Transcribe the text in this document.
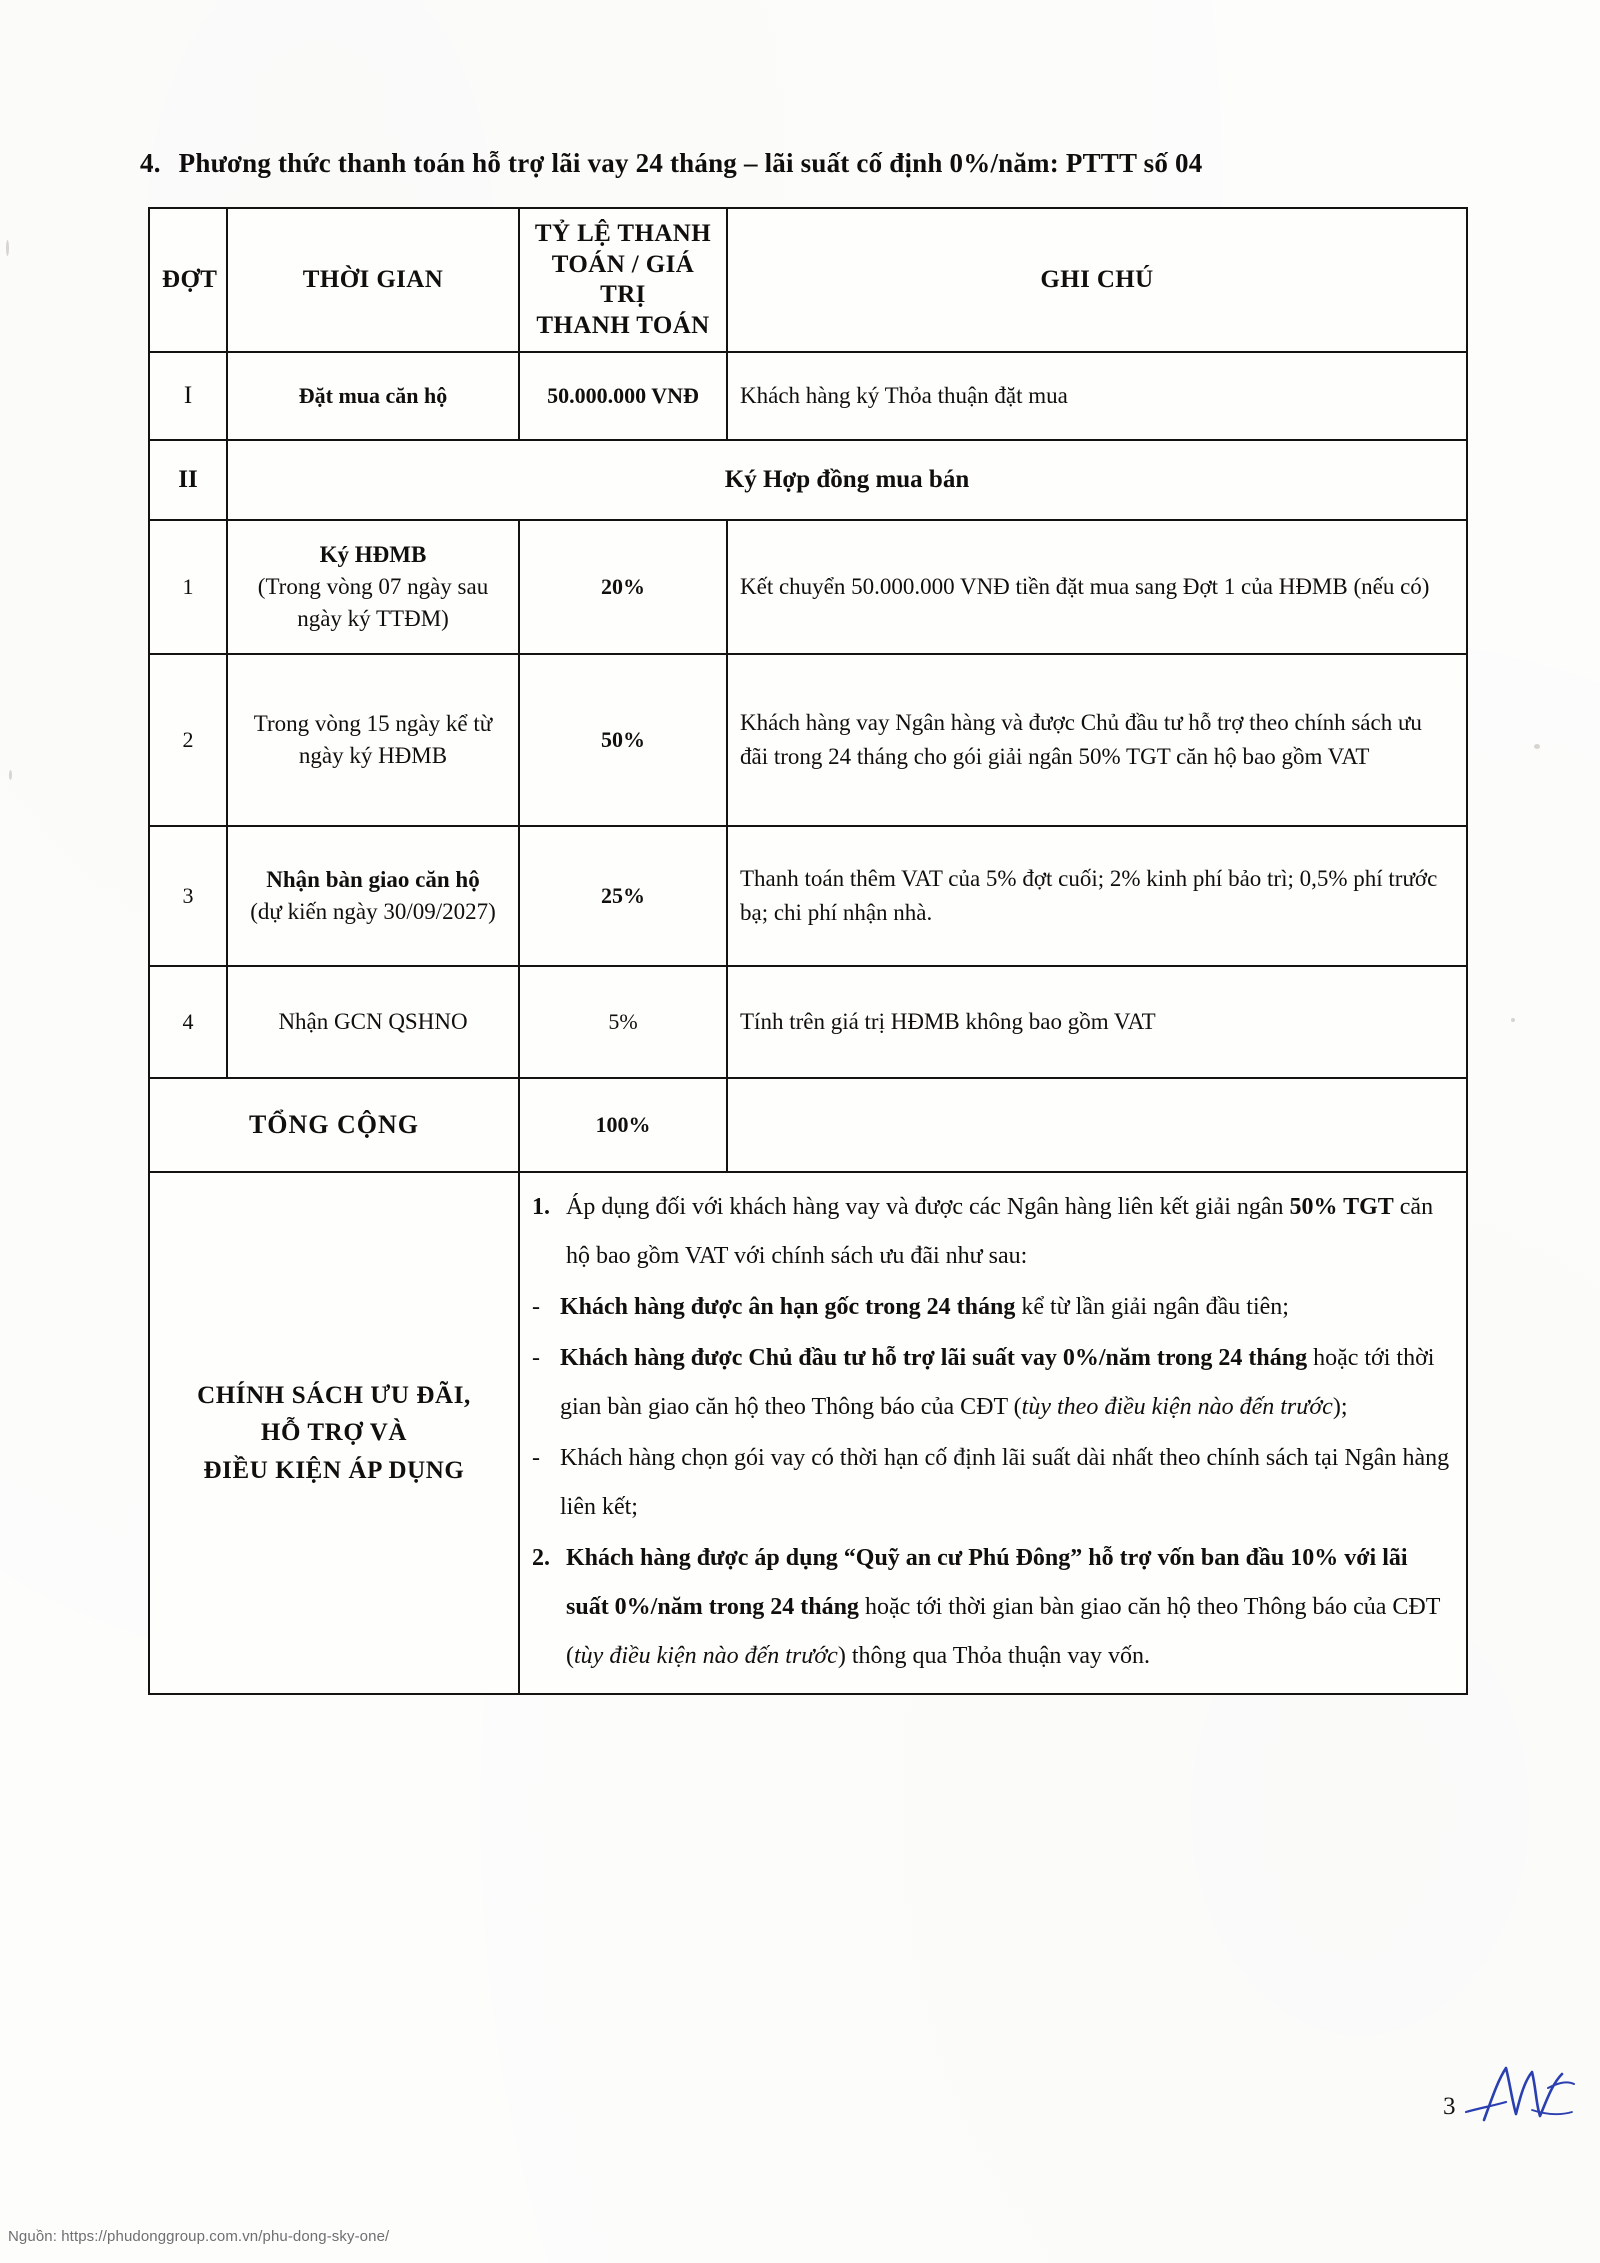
4. Phương thức thanh toán hỗ trợ lãi vay 24 tháng – lãi suất cố định 0%/năm: PTTT số 04
ĐỢT	THỜI GIAN	TỶ LỆ THANH
TOÁN / GIÁ TRỊ
THANH TOÁN	GHI CHÚ
I	Đặt mua căn hộ	50.000.000 VNĐ	Khách hàng ký Thỏa thuận đặt mua
II	Ký Hợp đồng mua bán		
1	Ký HĐMB
(Trong vòng 07 ngày sau
ngày ký TTĐM)	20%	Kết chuyển 50.000.000 VNĐ tiền đặt mua sang Đợt 1 của HĐMB (nếu có)
2	Trong vòng 15 ngày kể từ
ngày ký HĐMB	50%	Khách hàng vay Ngân hàng và được Chủ đầu tư hỗ trợ theo chính sách ưu đãi trong 24 tháng cho gói giải ngân 50% TGT căn hộ bao gồm VAT
3	Nhận bàn giao căn hộ
(dự kiến ngày 30/09/2027)	25%	Thanh toán thêm VAT của 5% đợt cuối; 2% kinh phí bảo trì; 0,5% phí trước bạ; chi phí nhận nhà.
4	Nhận GCN QSHNO	5%	Tính trên giá trị HĐMB không bao gồm VAT
TỔNG CỘNG		100%	

CHÍNH SÁCH ƯU ĐÃI,
HỖ TRỢ VÀ
ĐIỀU KIỆN ÁP DỤNG

1. Áp dụng đối với khách hàng vay và được các Ngân hàng liên kết giải ngân 50% TGT căn hộ bao gồm VAT với chính sách ưu đãi như sau:
- Khách hàng được ân hạn gốc trong 24 tháng kể từ lần giải ngân đầu tiên;
- Khách hàng được Chủ đầu tư hỗ trợ lãi suất vay 0%/năm trong 24 tháng hoặc tới thời gian bàn giao căn hộ theo Thông báo của CĐT (tùy theo điều kiện nào đến trước);
- Khách hàng chọn gói vay có thời hạn cố định lãi suất dài nhất theo chính sách tại Ngân hàng liên kết;
2. Khách hàng được áp dụng “Quỹ an cư Phú Đông” hỗ trợ vốn ban đầu 10% với lãi suất 0%/năm trong 24 tháng hoặc tới thời gian bàn giao căn hộ theo Thông báo của CĐT (tùy điều kiện nào đến trước) thông qua Thỏa thuận vay vốn.
3
Nguồn: https://phudonggroup.com.vn/phu-dong-sky-one/
